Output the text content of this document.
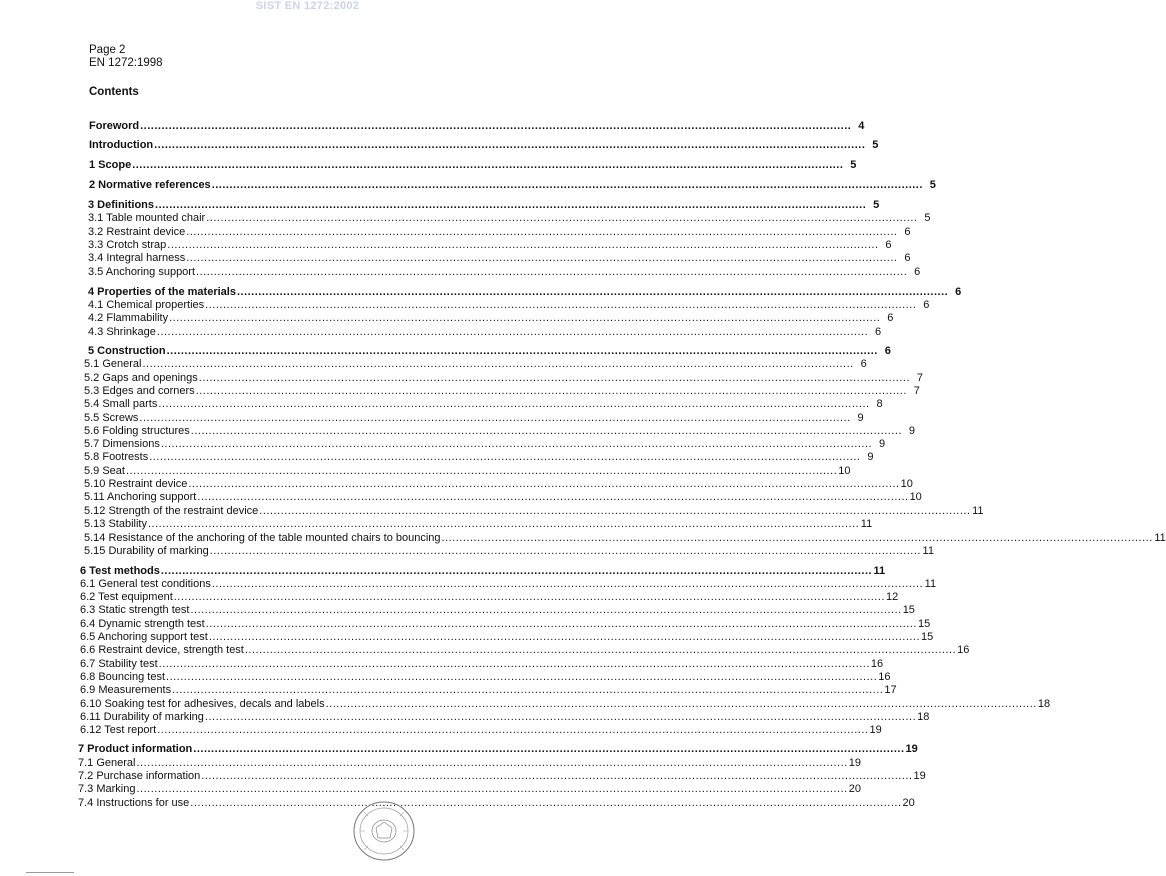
SIST EN 1272:2002
Page 2
EN 1272:1998
Contents
Foreword ........................................................................................................................................................................................................ 4
Introduction ........................................................................................................................................................................................................ 5
1 Scope ........................................................................................................................................................................................................ 5
2 Normative references ........................................................................................................................................................................................................ 5
3 Definitions ........................................................................................................................................................................................................ 5
3.1 Table mounted chair ........................................................................................................................................................................................................ 5
3.2 Restraint device ........................................................................................................................................................................................................ 6
3.3 Crotch strap ........................................................................................................................................................................................................ 6
3.4 Integral harness ........................................................................................................................................................................................................ 6
3.5 Anchoring support ........................................................................................................................................................................................................ 6
4 Properties of the materials ........................................................................................................................................................................................................ 6
4.1 Chemical properties ........................................................................................................................................................................................................ 6
4.2 Flammability ........................................................................................................................................................................................................ 6
4.3 Shrinkage ........................................................................................................................................................................................................ 6
5 Construction ........................................................................................................................................................................................................ 6
5.1 General ........................................................................................................................................................................................................ 6
5.2 Gaps and openings ........................................................................................................................................................................................................ 7
5.3 Edges and corners ........................................................................................................................................................................................................ 7
5.4 Small parts ........................................................................................................................................................................................................ 8
5.5 Screws ........................................................................................................................................................................................................ 9
5.6 Folding structures ........................................................................................................................................................................................................ 9
5.7 Dimensions ........................................................................................................................................................................................................ 9
5.8 Footrests ........................................................................................................................................................................................................ 9
5.9 Seat ........................................................................................................................................................................................................ 10
5.10 Restraint device ........................................................................................................................................................................................................ 10
5.11 Anchoring support ........................................................................................................................................................................................................ 10
5.12 Strength of the restraint device ........................................................................................................................................................................................................ 11
5.13 Stability ........................................................................................................................................................................................................ 11
5.14 Resistance of the anchoring of the table mounted chairs to bouncing ........................................................................................................................................................................................................ 11
5.15 Durability of marking ........................................................................................................................................................................................................ 11
6 Test methods ........................................................................................................................................................................................................ 11
6.1 General test conditions ........................................................................................................................................................................................................ 11
6.2 Test equipment ........................................................................................................................................................................................................ 12
6.3 Static strength test ........................................................................................................................................................................................................ 15
6.4 Dynamic strength test ........................................................................................................................................................................................................ 15
6.5 Anchoring support test ........................................................................................................................................................................................................ 15
6.6 Restraint device, strength test ........................................................................................................................................................................................................ 16
6.7 Stability test ........................................................................................................................................................................................................ 16
6.8 Bouncing test ........................................................................................................................................................................................................ 16
6.9 Measurements ........................................................................................................................................................................................................ 17
6.10 Soaking test for adhesives, decals and labels ........................................................................................................................................................................................................ 18
6.11 Durability of marking ........................................................................................................................................................................................................ 18
6.12 Test report ........................................................................................................................................................................................................ 19
7 Product information ........................................................................................................................................................................................................ 19
7.1 General ........................................................................................................................................................................................................ 19
7.2 Purchase information ........................................................................................................................................................................................................ 19
7.3 Marking ........................................................................................................................................................................................................ 20
7.4 Instructions for use ........................................................................................................................................................................................................ 20
